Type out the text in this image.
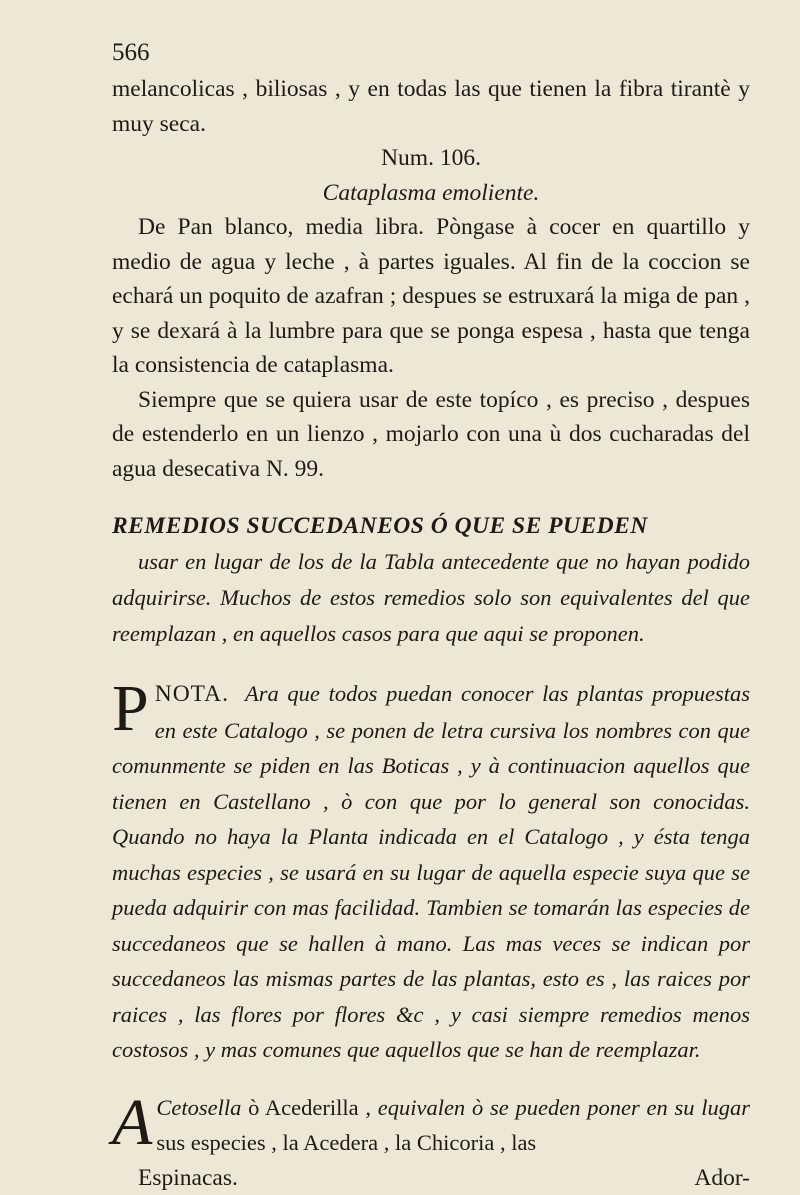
566

melancolicas , biliosas , y en todas las que tienen la fibra tirantè y muy seca.

Num. 106.

Cataplasma emoliente.

De Pan blanco, media libra. Pòngase à cocer en quartillo y medio de agua y leche , à partes iguales. Al fin de la coccion se echará un poquito de azafran ; despues se estruxará la miga de pan , y se dexará à la lumbre para que se ponga espesa , hasta que tenga la consistencia de cataplasma.

Siempre que se quiera usar de este topíco , es preciso , despues de estenderlo en un lienzo , mojarlo con una ù dos cucharadas del agua desecativa N. 99.

REMEDIOS SUCCEDANEOS Ó QUE SE PUEDEN

usar en lugar de los de la Tabla antecedente que no hayan podido adquirirse. Muchos de estos remedios solo son equivalentes del que reemplazan , en aquellos casos para que aqui se proponen.

NOTA.
P	Ara que todos puedan conocer las plantas propuestas en este Catalogo , se ponen de letra cursiva los nombres con que comunmente se piden en las Boticas , y à continuacion aquellos que tienen en Castellano , ò con que por lo general son conocidas. Quando no haya la Planta indicada en el Catalogo , y ésta tenga muchas especies , se usará en su lugar de aquella especie suya que se pueda adquirir con mas facilidad. Tambien se tomarán las especies de succedaneos que se hallen à mano. Las mas veces se indican por succedaneos las mismas partes de las plantas, esto es , las raices por raices , las flores por flores &c , y casi siempre remedios menos costosos , y mas comunes que aquellos que se han de reemplazar.
A Cetosella ò Acederilla , equivalen ò se pueden poner en su lugar sus especies , la Acedera , la Chicoria , las
Espinacas.	Ador-
